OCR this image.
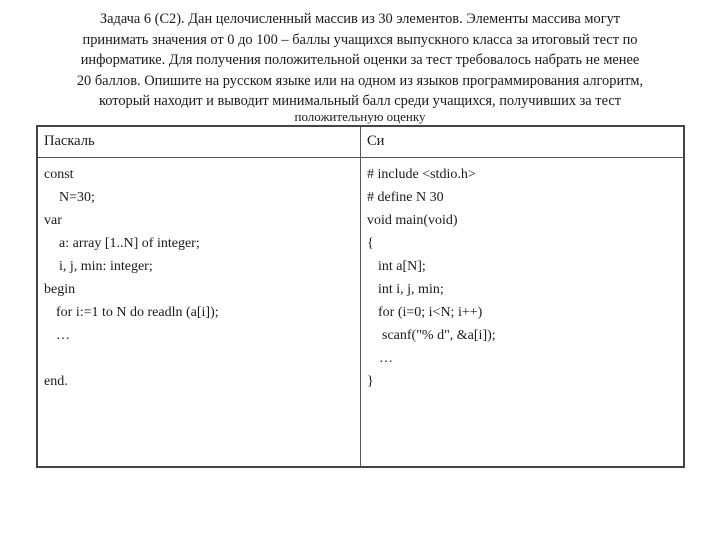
Задача 6 (С2). Дан целочисленный массив из 30 элементов. Элементы массива могут
принимать значения от 0 до 100 – баллы учащихся выпускного класса за итоговый тест по
информатике. Для получения положительной оценки за тест требовалось набрать не менее
20 баллов. Опишите на русском языке или на одном из языков программирования алгоритм,
который находит и выводит минимальный балл среди учащихся, получивших за тест
положительную оценку
Паскаль	Си
const
N=30;
var
a: array [1..N] of integer;
i, j, min: integer;
begin
for i:=1 to N do readln (a[i]);
…
end.
# include <stdio.h>
# define N 30
void main(void)
{
int a[N];
int i, j, min;
for (i=0; i<N; i++)
scanf("% d", &a[i]);
…
}
